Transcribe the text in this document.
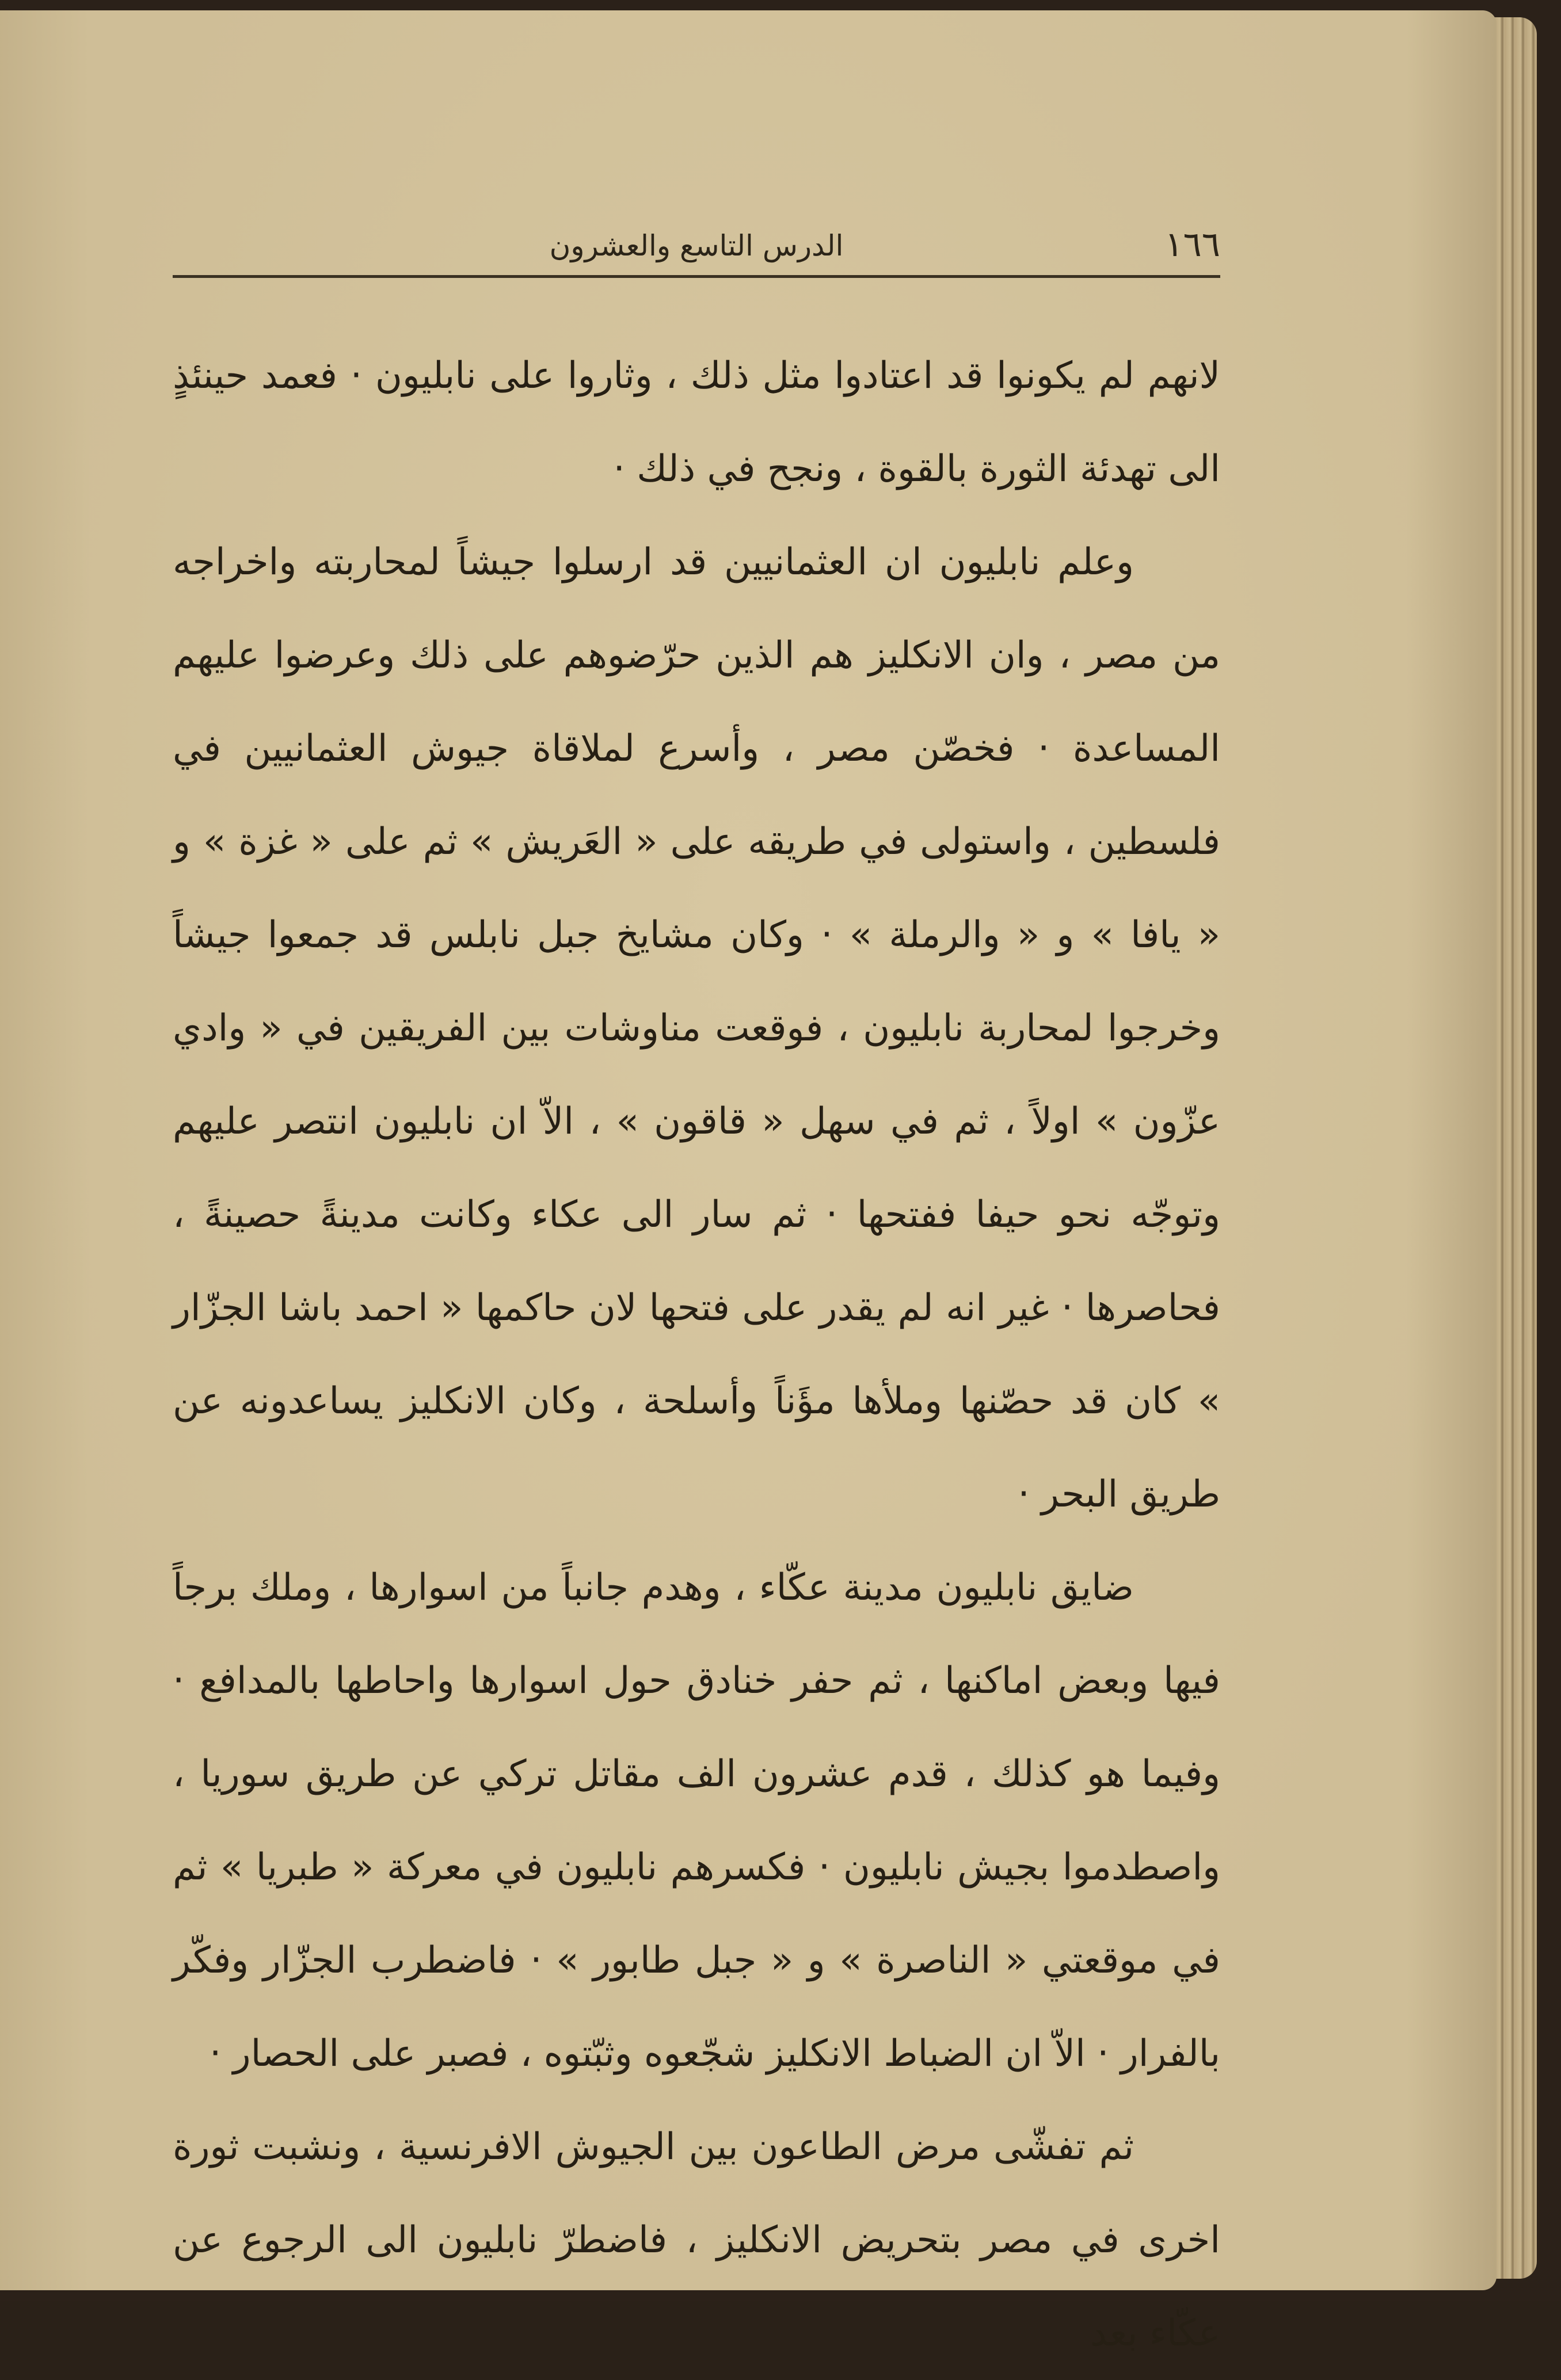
١٦٦
الدرس التاسع والعشرون

لانهم لم يكونوا قد اعتادوا مثل ذلك ، وثاروا على نابليون · فعمد حينئذٍ الى تهدئة الثورة بالقوة ، ونجح في ذلك ·

وعلم نابليون ان العثمانيين قد ارسلوا جيشاً لمحاربته واخراجه من مصر ، وان الانكليز هم الذين حرّضوهم على ذلك وعرضوا عليهم المساعدة · فخصّن مصر ، وأسرع لملاقاة جيوش العثمانيين في فلسطين ، واستولى في طريقه على « العَريش » ثم على « غزة » و « يافا » و « والرملة » · وكان مشايخ جبل نابلس قد جمعوا جيشاً وخرجوا لمحاربة نابليون ، فوقعت مناوشات بين الفريقين في « وادي عزّون » اولاً ، ثم في سهل « قاقون » ، الاّ ان نابليون انتصر عليهم وتوجّه نحو حيفا ففتحها · ثم سار الى عكاء وكانت مدينةً حصينةً ، فحاصرها · غير انه لم يقدر على فتحها لان حاكمها « احمد باشا الجزّار » كان قد حصّنها وملأها مؤَناً وأسلحة ، وكان الانكليز يساعدونه عن طريق البحر ·

ضايق نابليون مدينة عكّاء ، وهدم جانباً من اسوارها ، وملك برجاً فيها وبعض اماكنها ، ثم حفر خنادق حول اسوارها واحاطها بالمدافع · وفيما هو كذلك ، قدم عشرون الف مقاتل تركي عن طريق سوريا ، واصطدموا بجيش نابليون · فكسرهم نابليون في معركة « طبريا » ثم في موقعتي « الناصرة » و « جبل طابور » · فاضطرب الجزّار وفكّر بالفرار · الاّ ان الضباط الانكليز شجّعوه وثبّتوه ، فصبر على الحصار ·

ثم تفشّى مرض الطاعون بين الجيوش الافرنسية ، ونشبت ثورة اخرى في مصر بتحريض الانكليز ، فاضطرّ نابليون الى الرجوع عن عكّاء بعد
